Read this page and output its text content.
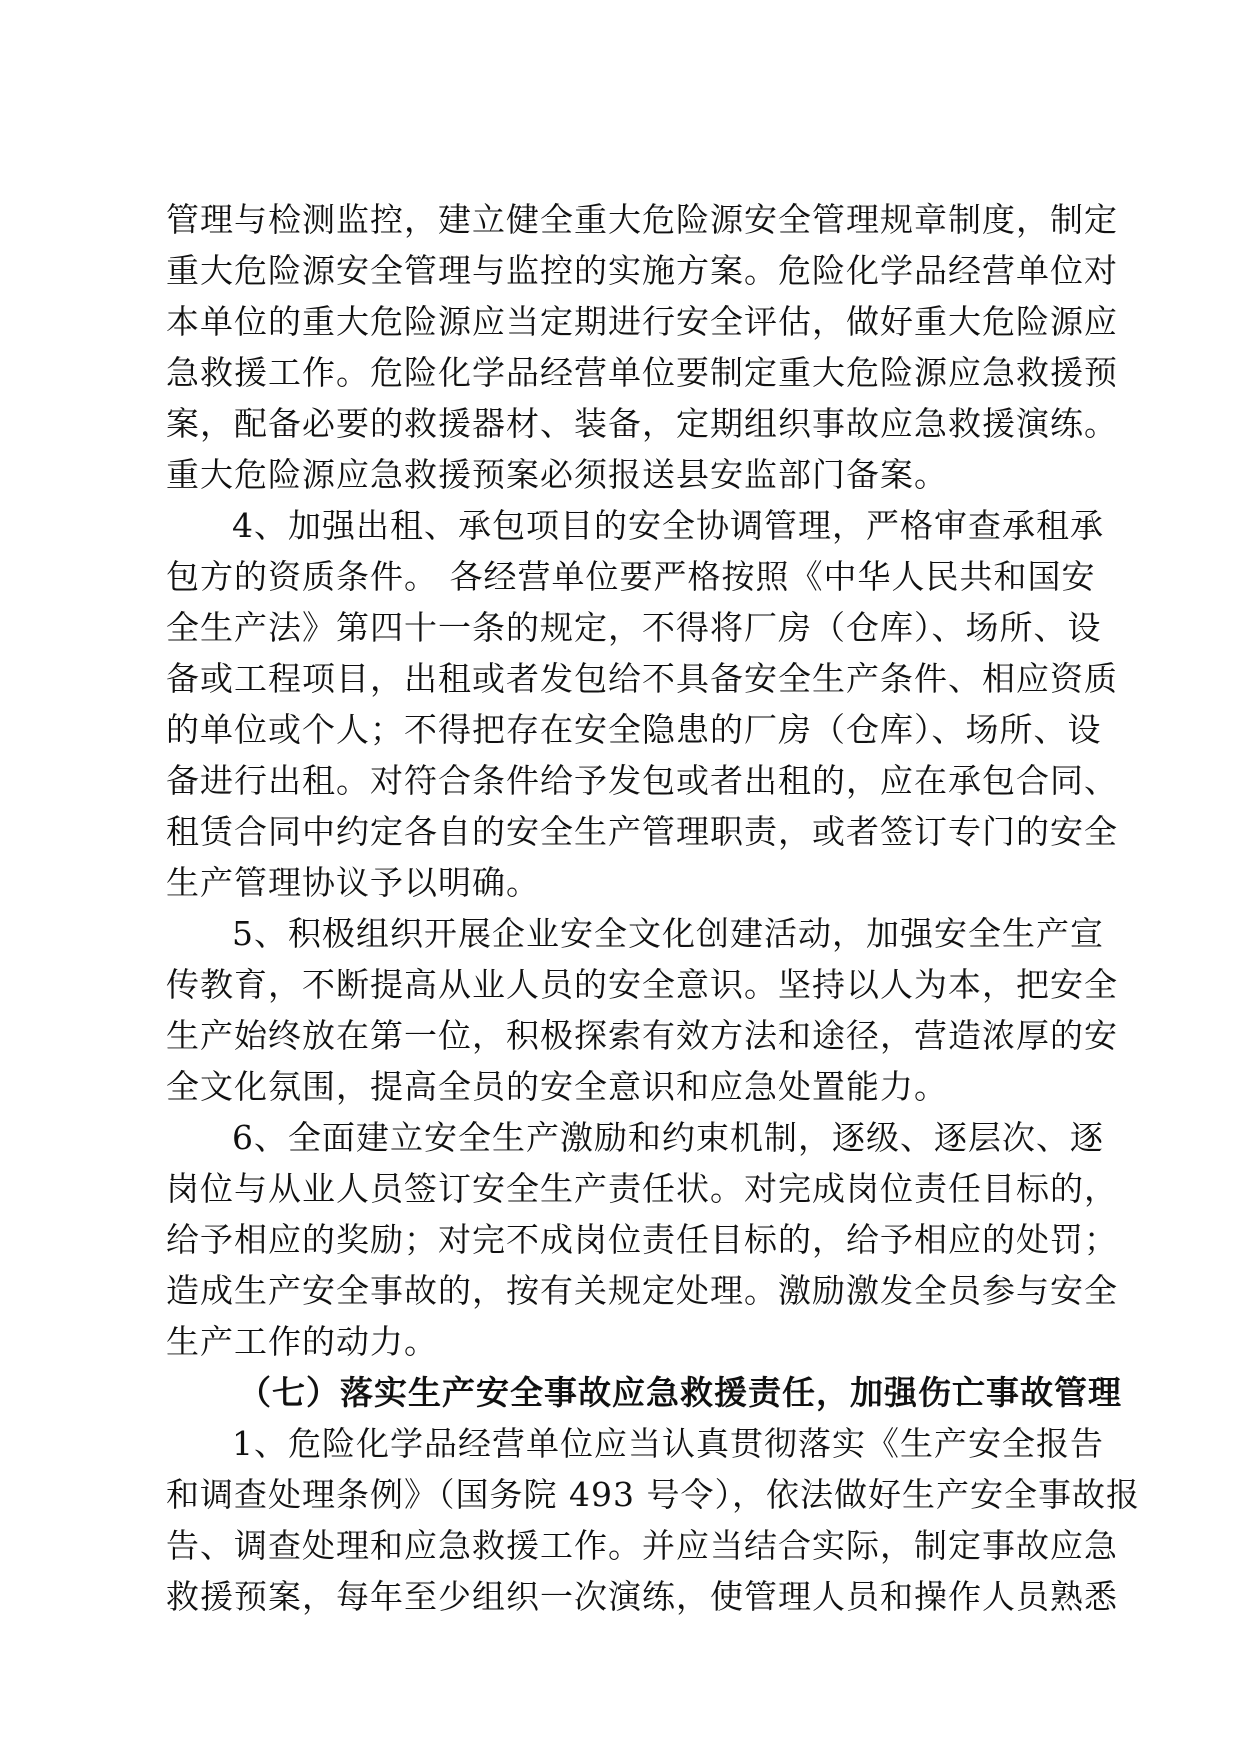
管理与检测监控，建立健全重大危险源安全管理规章制度，制定
重大危险源安全管理与监控的实施方案。危险化学品经营单位对
本单位的重大危险源应当定期进行安全评估，做好重大危险源应
急救援工作。危险化学品经营单位要制定重大危险源应急救援预
案，配备必要的救援器材、装备，定期组织事故应急救援演练。
重大危险源应急救援预案必须报送县安监部门备案。
4、加强出租、承包项目的安全协调管理，严格审查承租承
包方的资质条件。 各经营单位要严格按照《中华人民共和国安
全生产法》第四十一条的规定，不得将厂房（仓库）、场所、设
备或工程项目，出租或者发包给不具备安全生产条件、相应资质
的单位或个人；不得把存在安全隐患的厂房（仓库）、场所、设
备进行出租。对符合条件给予发包或者出租的，应在承包合同、
租赁合同中约定各自的安全生产管理职责，或者签订专门的安全
生产管理协议予以明确。
5、积极组织开展企业安全文化创建活动，加强安全生产宣
传教育，不断提高从业人员的安全意识。坚持以人为本，把安全
生产始终放在第一位，积极探索有效方法和途径，营造浓厚的安
全文化氛围，提高全员的安全意识和应急处置能力。
6、全面建立安全生产激励和约束机制，逐级、逐层次、逐
岗位与从业人员签订安全生产责任状。对完成岗位责任目标的，
给予相应的奖励；对完不成岗位责任目标的，给予相应的处罚；
造成生产安全事故的，按有关规定处理。激励激发全员参与安全
生产工作的动力。
（七）落实生产安全事故应急救援责任，加强伤亡事故管理
1、危险化学品经营单位应当认真贯彻落实《生产安全报告
和调查处理条例》（国务院 493 号令），依法做好生产安全事故报
告、调查处理和应急救援工作。并应当结合实际，制定事故应急
救援预案，每年至少组织一次演练，使管理人员和操作人员熟悉
